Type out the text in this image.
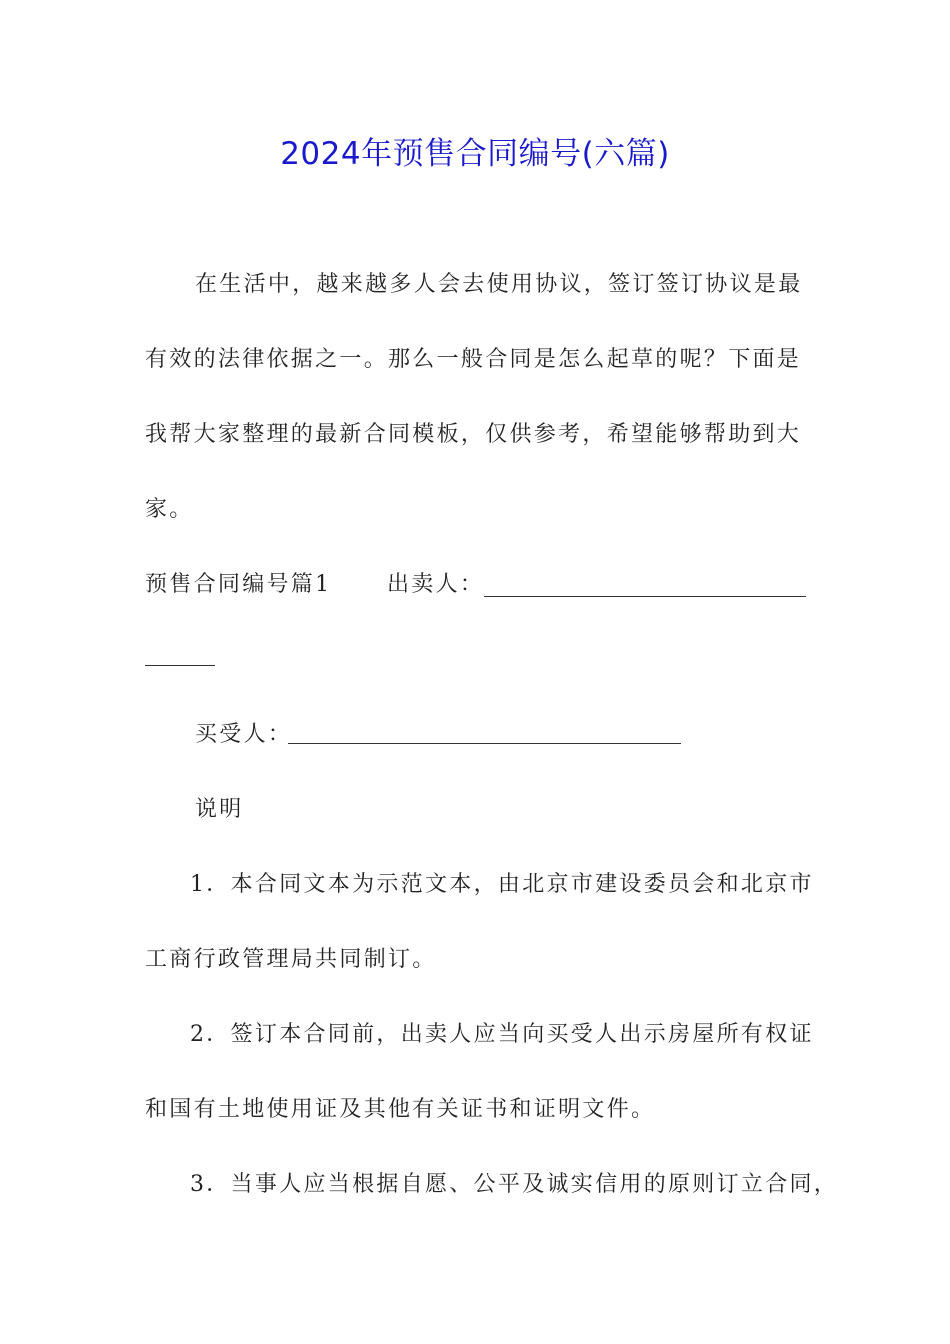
2024年预售合同编号(六篇)
在生活中，越来越多人会去使用协议，签订签订协议是最
有效的法律依据之一。那么一般合同是怎么起草的呢？下面是
我帮大家整理的最新合同模板，仅供参考，希望能够帮助到大
家。
预售合同编号篇1	出卖人：
买受人：
说明
1．本合同文本为示范文本，由北京市建设委员会和北京市
工商行政管理局共同制订。
2．签订本合同前，出卖人应当向买受人出示房屋所有权证
和国有土地使用证及其他有关证书和证明文件。
3．当事人应当根据自愿、公平及诚实信用的原则订立合同，
